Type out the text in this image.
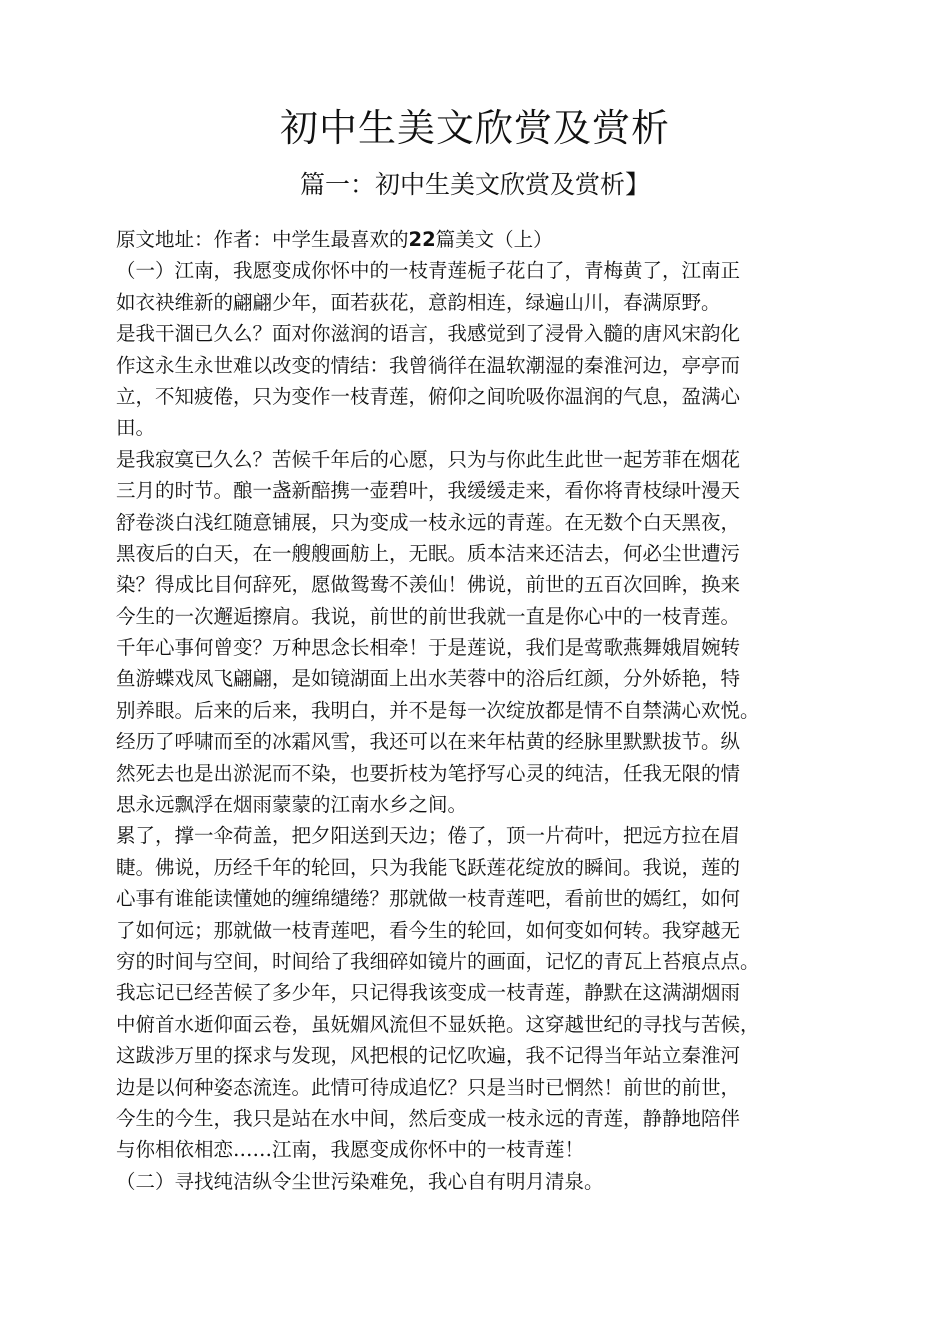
初中生美文欣赏及赏析
篇一：初中生美文欣赏及赏析】
原文地址：作者：中学生最喜欢的22篇美文（上）
（一）江南，我愿变成你怀中的一枝青莲栀子花白了，青梅黄了，江南正
如衣袂维新的翩翩少年，面若荻花，意韵相连，绿遍山川，春满原野。
是我干涸已久么？面对你滋润的语言，我感觉到了浸骨入髓的唐风宋韵化
作这永生永世难以改变的情结：我曾徜徉在温软潮湿的秦淮河边，亭亭而
立，不知疲倦，只为变作一枝青莲，俯仰之间吮吸你温润的气息，盈满心
田。
是我寂寞已久么？苦候千年后的心愿，只为与你此生此世一起芳菲在烟花
三月的时节。酿一盏新醅携一壶碧叶，我缓缓走来，看你将青枝绿叶漫天
舒卷淡白浅红随意铺展，只为变成一枝永远的青莲。在无数个白天黑夜，
黑夜后的白天，在一艘艘画舫上，无眠。质本洁来还洁去，何必尘世遭污
染？得成比目何辞死，愿做鸳鸯不羡仙！佛说，前世的五百次回眸，换来
今生的一次邂逅擦肩。我说，前世的前世我就一直是你心中的一枝青莲。
千年心事何曾变？万种思念长相牵！于是莲说，我们是莺歌燕舞娥眉婉转
鱼游蝶戏凤飞翩翩，是如镜湖面上出水芙蓉中的浴后红颜，分外娇艳，特
别养眼。后来的后来，我明白，并不是每一次绽放都是情不自禁满心欢悦。
经历了呼啸而至的冰霜风雪，我还可以在来年枯黄的经脉里默默拔节。纵
然死去也是出淤泥而不染，也要折枝为笔抒写心灵的纯洁，任我无限的情
思永远飘浮在烟雨蒙蒙的江南水乡之间。
累了，撑一伞荷盖，把夕阳送到天边；倦了，顶一片荷叶，把远方拉在眉
睫。佛说，历经千年的轮回，只为我能飞跃莲花绽放的瞬间。我说，莲的
心事有谁能读懂她的缠绵缱绻？那就做一枝青莲吧，看前世的嫣红，如何
了如何远；那就做一枝青莲吧，看今生的轮回，如何变如何转。我穿越无
穷的时间与空间，时间给了我细碎如镜片的画面，记忆的青瓦上苔痕点点。
我忘记已经苦候了多少年，只记得我该变成一枝青莲，静默在这满湖烟雨
中俯首水逝仰面云卷，虽妩媚风流但不显妖艳。这穿越世纪的寻找与苦候，
这跋涉万里的探求与发现，风把根的记忆吹遍，我不记得当年站立秦淮河
边是以何种姿态流连。此情可待成追忆？只是当时已惘然！前世的前世，
今生的今生，我只是站在水中间，然后变成一枝永远的青莲，静静地陪伴
与你相依相恋……江南，我愿变成你怀中的一枝青莲！
（二）寻找纯洁纵令尘世污染难免，我心自有明月清泉。
